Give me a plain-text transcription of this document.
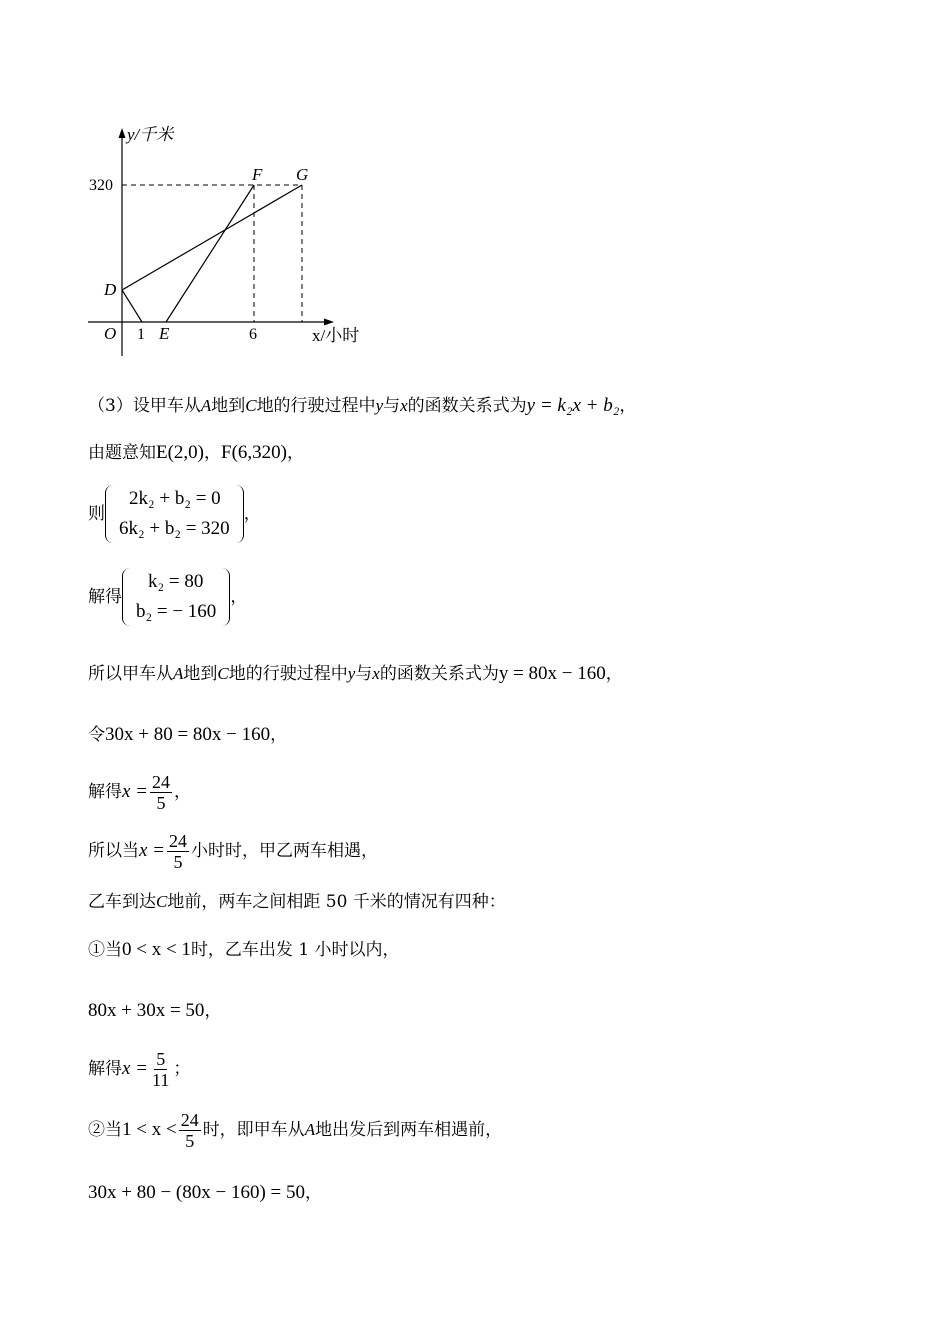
y/千米
320
F G
D
O 1 E	6	x/小时
（3）设甲车从A地到C地的行驶过程中y与x的函数关系式为y = k₂x + b₂，
由题意知E(2,0)，F(6,320)，
则
2k₂ + b₂ = 0
6k₂ + b₂ = 320
，
解得
k₂ = 80
b₂ = − 160
，
所以甲车从A地到C地的行驶过程中y与x的函数关系式为y = 80x − 160，
令30x + 80 = 80x − 160，
解得$x = \frac{24}{5}$ ，
所以当$x = \frac{24}{5}$ 小时时，甲乙两车相遇，
乙车到达C地前，两车之间相距 50 千米的情况有四种：
①当0 < x < 1时，乙车出发 1 小时以内，
80x + 30x = 50，
解得$x = \frac{5}{11}$ ；
②当$1 < x < \frac{24}{5}$ 时，即甲车从A地出发后到两车相遇前，
30x + 80 − (80x − 160) = 50，
